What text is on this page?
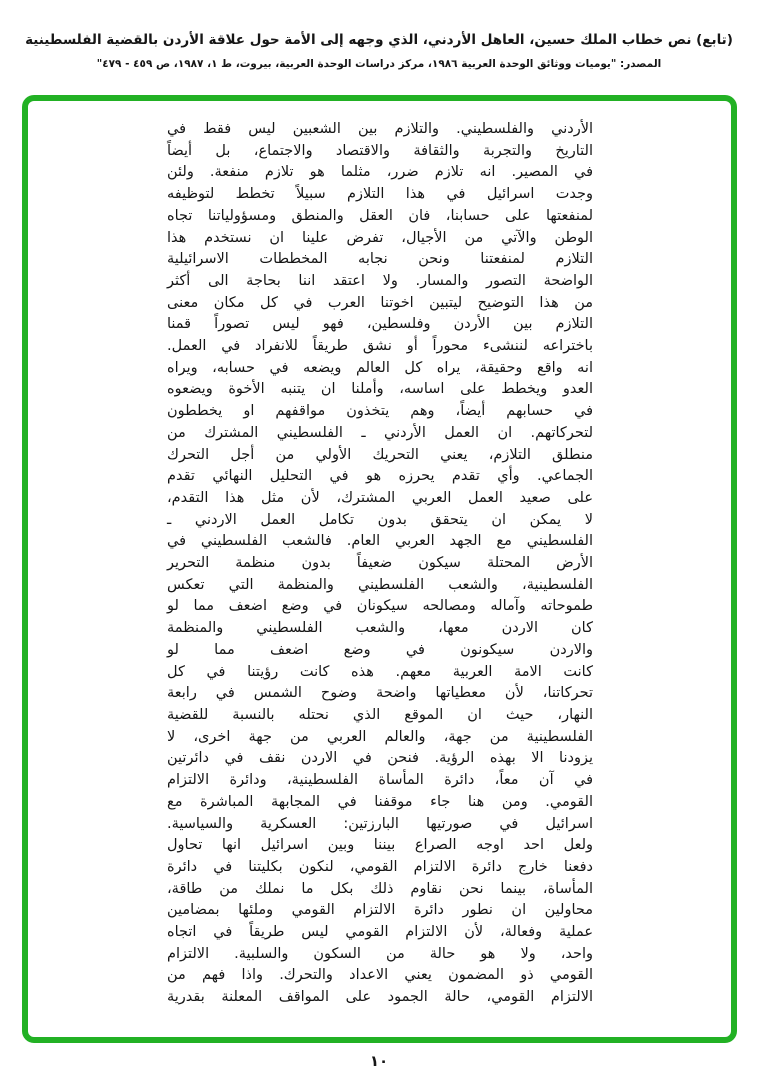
(تابع) نص خطاب الملك حسين، العاهل الأردني، الذي وجهه إلى الأمة حول علاقة الأردن بالقضية الفلسطينية
المصدر: "يوميات ووثائق الوحدة العربية ١٩٨٦، مركز دراسات الوحدة العربية، بيروت، ط ١، ١٩٨٧، ص ٤٥٩ - ٤٧٩"
الأردني والفلسطيني. والتلازم بين الشعبين ليس فقط في
التاريخ والتجربة والثقافة والاقتصاد والاجتماع، بل أيضاً
في المصير. انه تلازم ضرر، مثلما هو تلازم منفعة. ولئن
وجدت اسرائيل في هذا التلازم سبيلاً تخطط لتوظيفه
لمنفعتها على حسابنا، فان العقل والمنطق ومسؤولياتنا تجاه
الوطن والآتي من الأجيال، تفرض علينا ان نستخدم هذا
التلازم لمنفعتنا ونحن نجابه المخططات الاسرائيلية
الواضحة التصور والمسار. ولا اعتقد اننا بحاجة الى أكثر
من هذا التوضيح ليتبين اخوتنا العرب في كل مكان معنى
التلازم بين الأردن وفلسطين، فهو ليس تصوراً قمنا
باختراعه لننشىء محوراً أو نشق طريقاً للانفراد في العمل.
انه واقع وحقيقة، يراه كل العالم ويضعه في حسابه، ويراه
العدو ويخطط على اساسه، وأملنا ان يتنبه الأخوة ويضعوه
في حسابهم أيضاً، وهم يتخذون مواقفهم او يخططون
لتحركاتهم. ان العمل الأردني ـ الفلسطيني المشترك من
منطلق التلازم، يعني التحريك الأولي من أجل التحرك
الجماعي. وأي تقدم يحرزه هو في التحليل النهائي تقدم
على صعيد العمل العربي المشترك، لأن مثل هذا التقدم،
لا يمكن ان يتحقق بدون تكامل العمل الاردني ـ
الفلسطيني مع الجهد العربي العام. فالشعب الفلسطيني في
الأرض المحتلة سيكون ضعيفاً بدون منظمة التحرير
الفلسطينية، والشعب الفلسطيني والمنظمة التي تعكس
طموحاته وآماله ومصالحه سيكونان في وضع اضعف مما لو
كان الاردن معها، والشعب الفلسطيني والمنظمة
والاردن سيكونون في وضع اضعف مما لو
كانت الامة العربية معهم. هذه كانت رؤيتنا في كل
تحركاتنا، لأن معطياتها واضحة وضوح الشمس في رابعة
النهار، حيث ان الموقع الذي نحتله بالنسبة للقضية
الفلسطينية من جهة، والعالم العربي من جهة اخرى، لا
يزودنا الا بهذه الرؤية. فنحن في الاردن نقف في دائرتين
في آن معاً، دائرة المأساة الفلسطينية، ودائرة الالتزام
القومي. ومن هنا جاء موقفنا في المجابهة المباشرة مع
اسرائيل في صورتيها البارزتين: العسكرية والسياسية.
ولعل احد اوجه الصراع بيننا وبين اسرائيل انها تحاول
دفعنا خارج دائرة الالتزام القومي، لنكون بكليتنا في دائرة
المأساة، بينما نحن نقاوم ذلك بكل ما نملك من طاقة،
محاولين ان نطور دائرة الالتزام القومي وملئها بمضامين
عملية وفعالة، لأن الالتزام القومي ليس طريقاً في اتجاه
واحد، ولا هو حالة من السكون والسلبية. الالتزام
القومي ذو المضمون يعني الاعداد والتحرك. واذا فهم من
الالتزام القومي، حالة الجمود على المواقف المعلنة بقدرية
١٠
